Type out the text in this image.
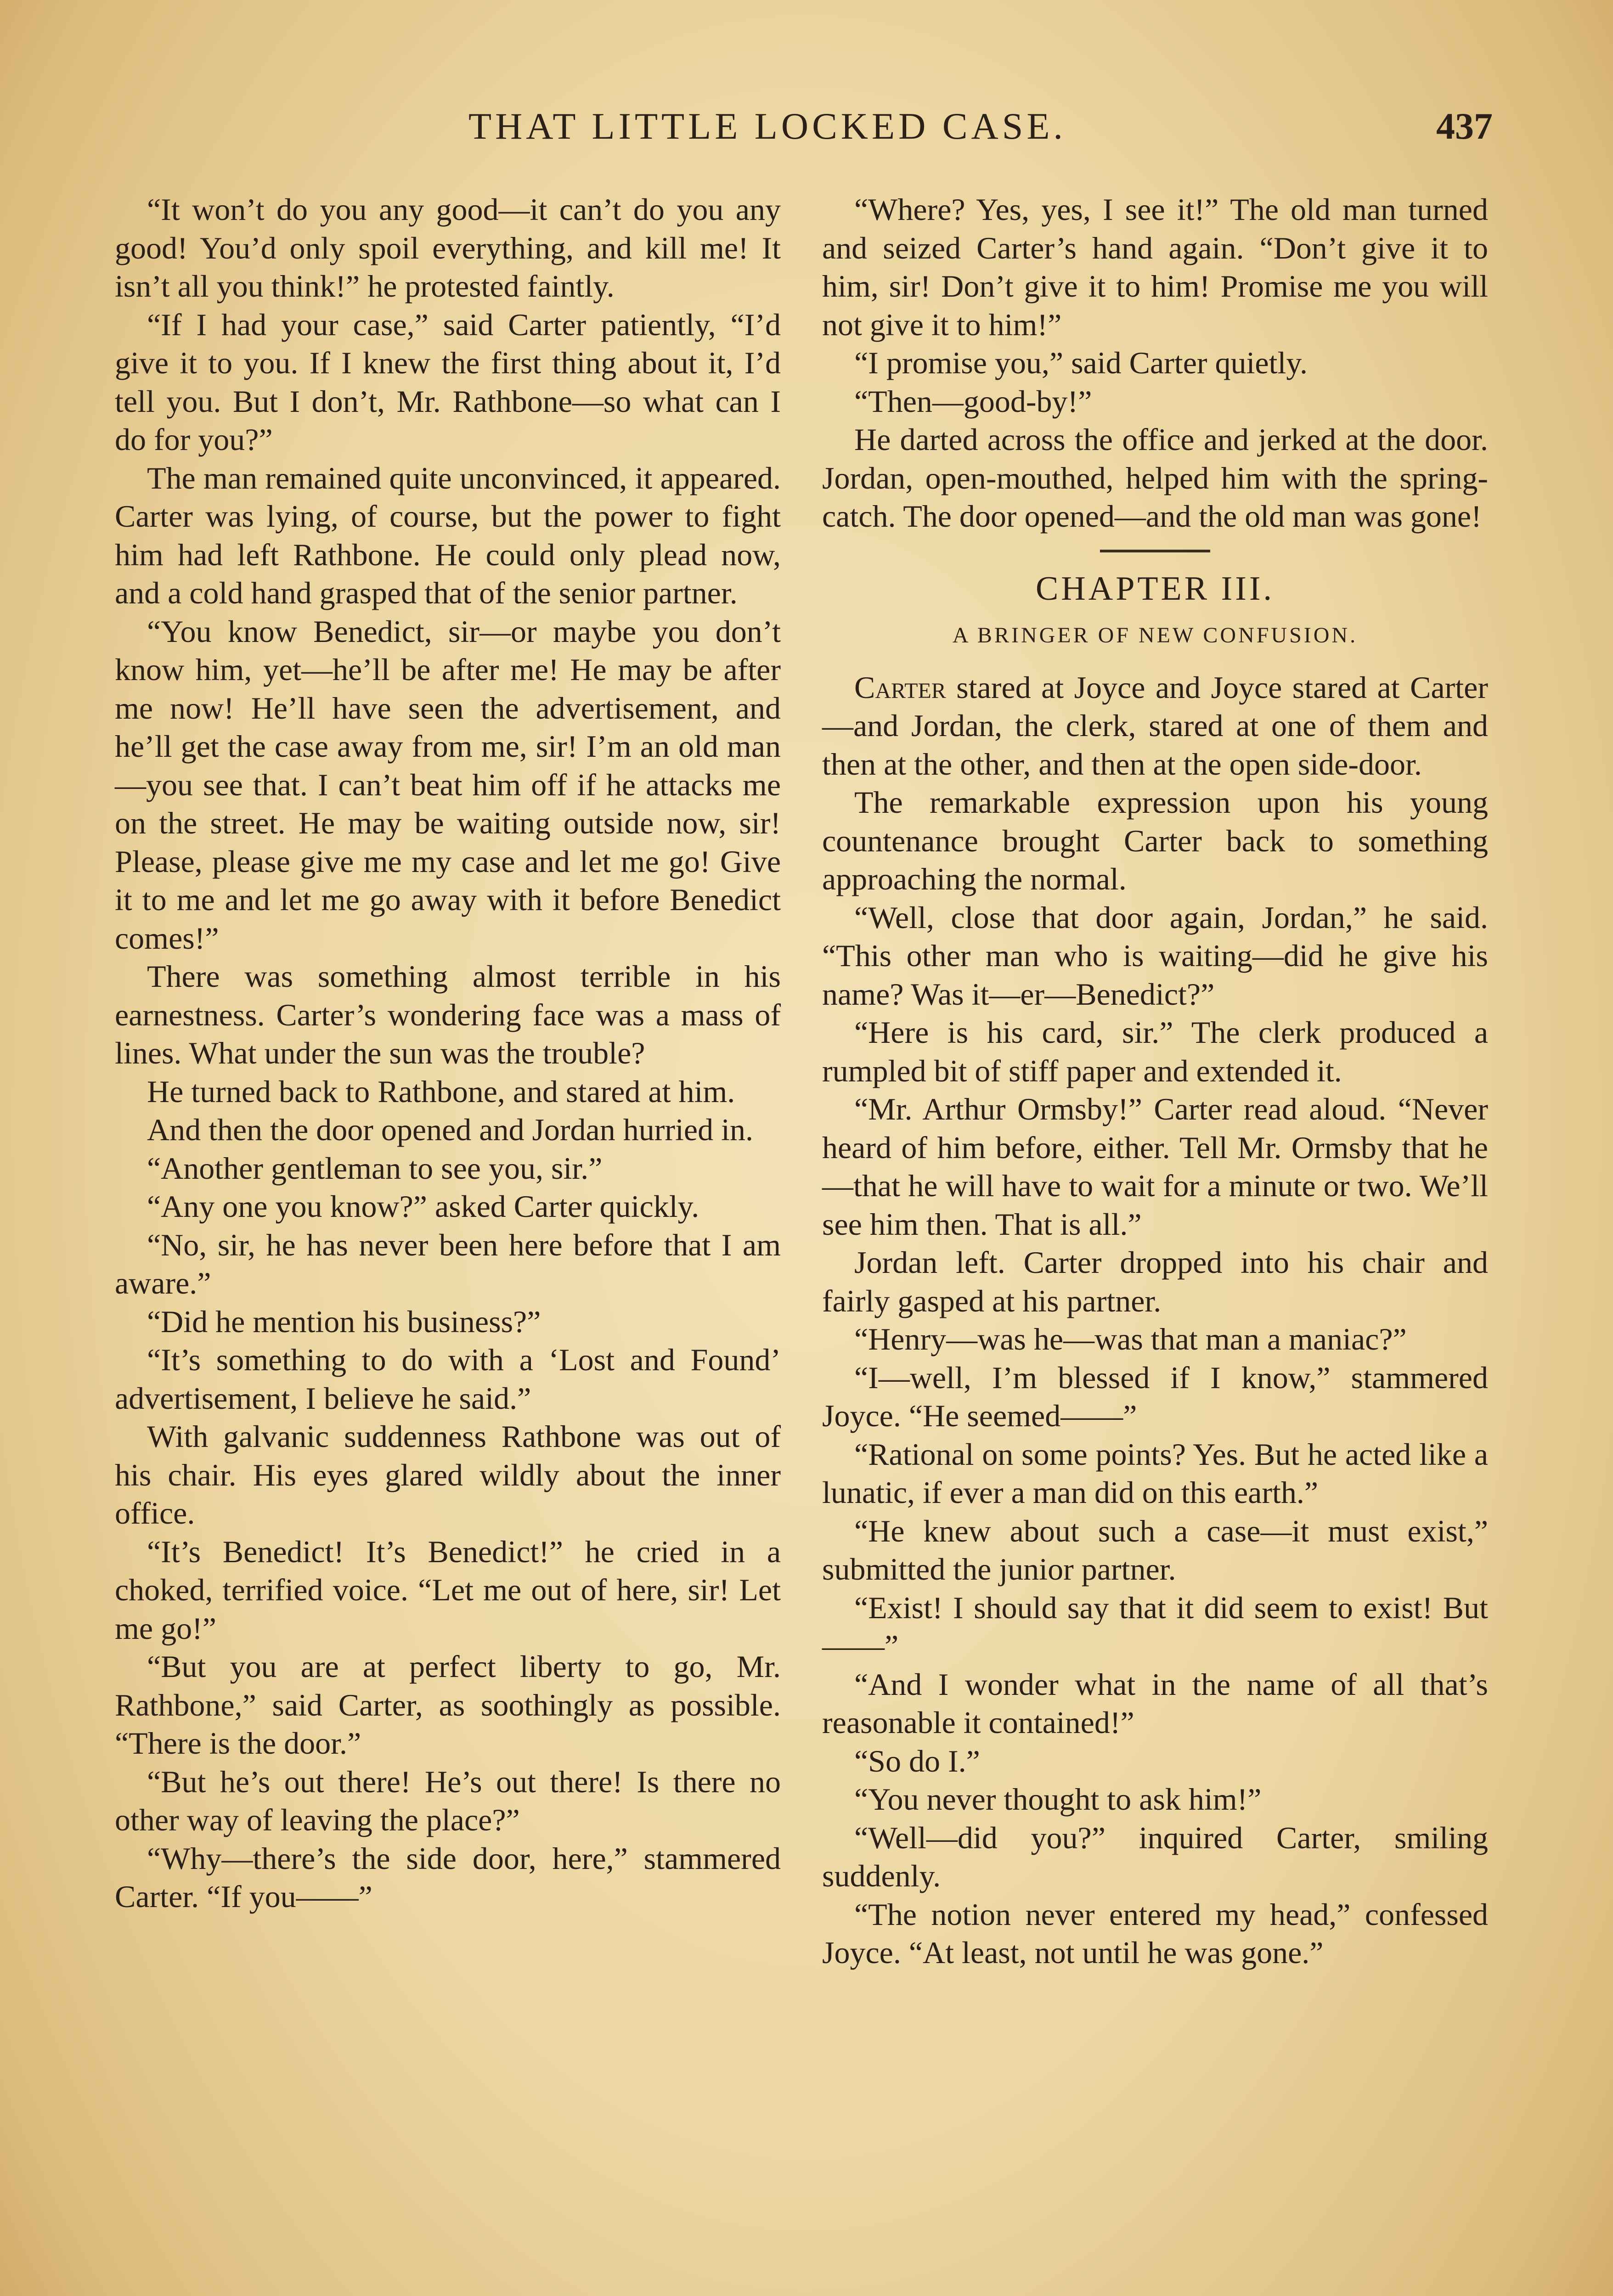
THAT LITTLE LOCKED CASE.	437

“It won’t do you any good—it can’t do you any good! You’d only spoil everything, and kill me! It isn’t all you think!” he protested faintly.

“If I had your case,” said Carter patiently, “I’d give it to you. If I knew the first thing about it, I’d tell you. But I don’t, Mr. Rathbone—so what can I do for you?”

The man remained quite unconvinced, it appeared. Carter was lying, of course, but the power to fight him had left Rathbone. He could only plead now, and a cold hand grasped that of the senior partner.

“You know Benedict, sir—or maybe you don’t know him, yet—he’ll be after me! He may be after me now! He’ll have seen the advertisement, and he’ll get the case away from me, sir! I’m an old man—you see that. I can’t beat him off if he attacks me on the street. He may be waiting outside now, sir! Please, please give me my case and let me go! Give it to me and let me go away with it before Benedict comes!”

There was something almost terrible in his earnestness. Carter’s wondering face was a mass of lines. What under the sun was the trouble?

He turned back to Rathbone, and stared at him.

And then the door opened and Jordan hurried in.

“Another gentleman to see you, sir.”

“Any one you know?” asked Carter quickly.

“No, sir, he has never been here before that I am aware.”

“Did he mention his business?”

“It’s something to do with a ‘Lost and Found’ advertisement, I believe he said.”

With galvanic suddenness Rathbone was out of his chair. His eyes glared wildly about the inner office.

“It’s Benedict! It’s Benedict!” he cried in a choked, terrified voice. “Let me out of here, sir! Let me go!”

“But you are at perfect liberty to go, Mr. Rathbone,” said Carter, as soothingly as possible. “There is the door.”

“But he’s out there! He’s out there! Is there no other way of leaving the place?”

“Why—there’s the side door, here,” stammered Carter. “If you——”

“Where? Yes, yes, I see it!” The old man turned and seized Carter’s hand again. “Don’t give it to him, sir! Don’t give it to him! Promise me you will not give it to him!”

“I promise you,” said Carter quietly.

“Then—good-by!”

He darted across the office and jerked at the door. Jordan, open-mouthed, helped him with the spring-catch. The door opened—and the old man was gone!

CHAPTER III.
A BRINGER OF NEW CONFUSION.

Carter stared at Joyce and Joyce stared at Carter—and Jordan, the clerk, stared at one of them and then at the other, and then at the open side-door.

The remarkable expression upon his young countenance brought Carter back to something approaching the normal.

“Well, close that door again, Jordan,” he said. “This other man who is waiting—did he give his name? Was it—er—Benedict?”

“Here is his card, sir.” The clerk produced a rumpled bit of stiff paper and extended it.

“Mr. Arthur Ormsby!” Carter read aloud. “Never heard of him before, either. Tell Mr. Ormsby that he—that he will have to wait for a minute or two. We’ll see him then. That is all.”

Jordan left. Carter dropped into his chair and fairly gasped at his partner.

“Henry—was he—was that man a maniac?”

“I—well, I’m blessed if I know,” stammered Joyce. “He seemed——”

“Rational on some points? Yes. But he acted like a lunatic, if ever a man did on this earth.”

“He knew about such a case—it must exist,” submitted the junior partner.

“Exist! I should say that it did seem to exist! But——”

“And I wonder what in the name of all that’s reasonable it contained!”

“So do I.”

“You never thought to ask him!”

“Well—did you?” inquired Carter, smiling suddenly.

“The notion never entered my head,” confessed Joyce. “At least, not until he was gone.”
